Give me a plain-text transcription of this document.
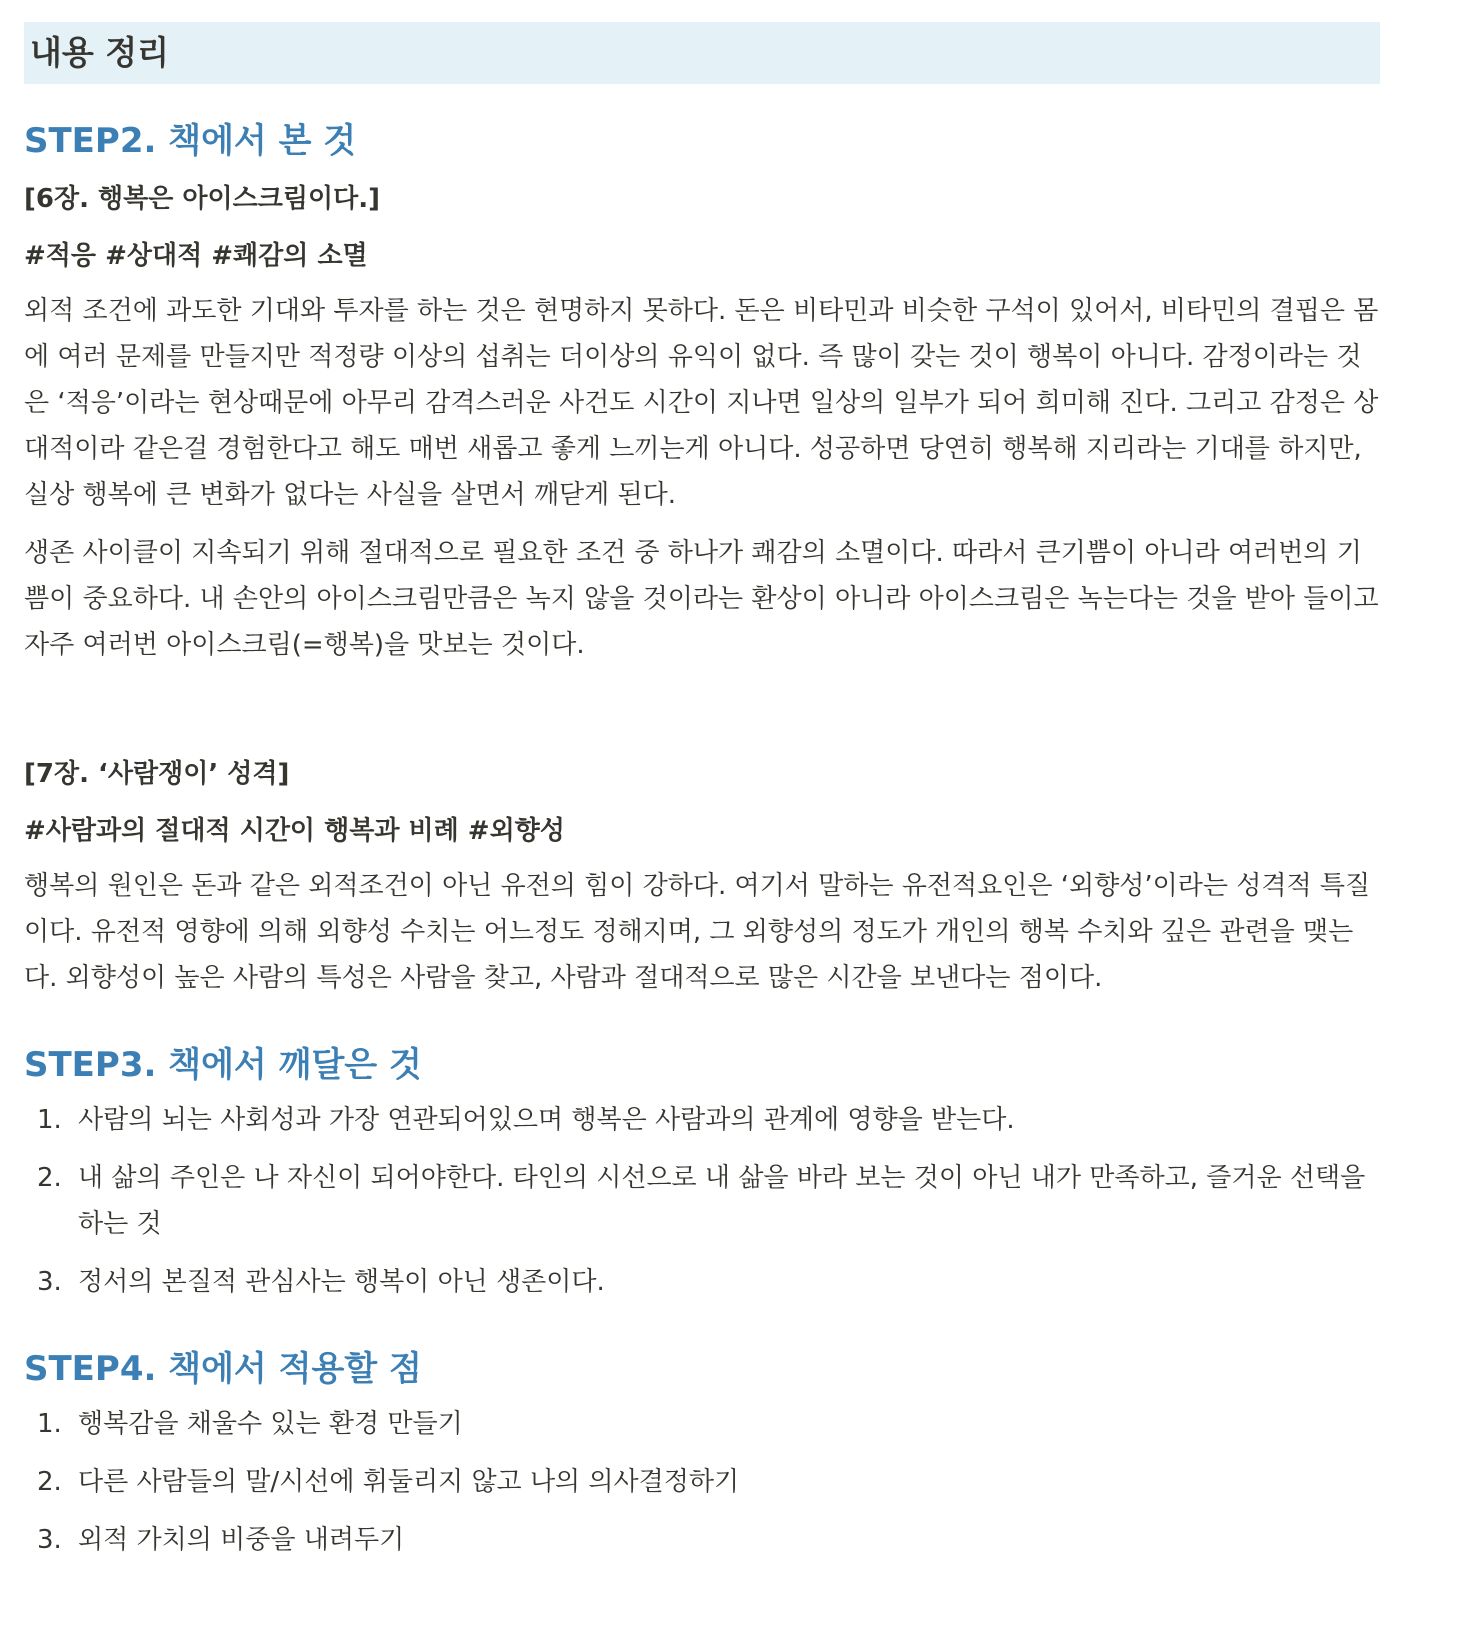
내용 정리
STEP2. 책에서 본 것
[6장. 행복은 아이스크림이다.]

#적응 #상대적 #쾌감의 소멸

외적 조건에 과도한 기대와 투자를 하는 것은 현명하지 못하다. 돈은 비타민과 비슷한 구석이 있어서, 비타민의 결핍은 몸에 여러 문제를 만들지만 적정량 이상의 섭취는 더이상의 유익이 없다. 즉 많이 갖는 것이 행복이 아니다. 감정이라는 것은 ‘적응’이라는 현상때문에 아무리 감격스러운 사건도 시간이 지나면 일상의 일부가 되어 희미해 진다. 그리고 감정은 상대적이라 같은걸 경험한다고 해도 매번 새롭고 좋게 느끼는게 아니다. 성공하면 당연히 행복해 지리라는 기대를 하지만, 실상 행복에 큰 변화가 없다는 사실을 살면서 깨닫게 된다.

생존 사이클이 지속되기 위해 절대적으로 필요한 조건 중 하나가 쾌감의 소멸이다. 따라서 큰기쁨이 아니라 여러번의 기쁨이 중요하다. 내 손안의 아이스크림만큼은 녹지 않을 것이라는 환상이 아니라 아이스크림은 녹는다는 것을 받아 들이고 자주 여러번 아이스크림(=행복)을 맛보는 것이다.

[7장. ‘사람쟁이’ 성격]

#사람과의 절대적 시간이 행복과 비례 #외향성

행복의 원인은 돈과 같은 외적조건이 아닌 유전의 힘이 강하다. 여기서 말하는 유전적요인은 ‘외향성’이라는 성격적 특질이다. 유전적 영향에 의해 외향성 수치는 어느정도 정해지며, 그 외향성의 정도가 개인의 행복 수치와 깊은 관련을 맺는다. 외향성이 높은 사람의 특성은 사람을 찾고, 사람과 절대적으로 많은 시간을 보낸다는 점이다.

STEP3. 책에서 깨달은 것
1. 사람의 뇌는 사회성과 가장 연관되어있으며 행복은 사람과의 관계에 영향을 받는다.
2. 내 삶의 주인은 나 자신이 되어야한다. 타인의 시선으로 내 삶을 바라 보는 것이 아닌 내가 만족하고, 즐거운 선택을 하는 것
3. 정서의 본질적 관심사는 행복이 아닌 생존이다.
STEP4. 책에서 적용할 점
1. 행복감을 채울수 있는 환경 만들기
2. 다른 사람들의 말/시선에 휘둘리지 않고 나의 의사결정하기
3. 외적 가치의 비중을 내려두기
